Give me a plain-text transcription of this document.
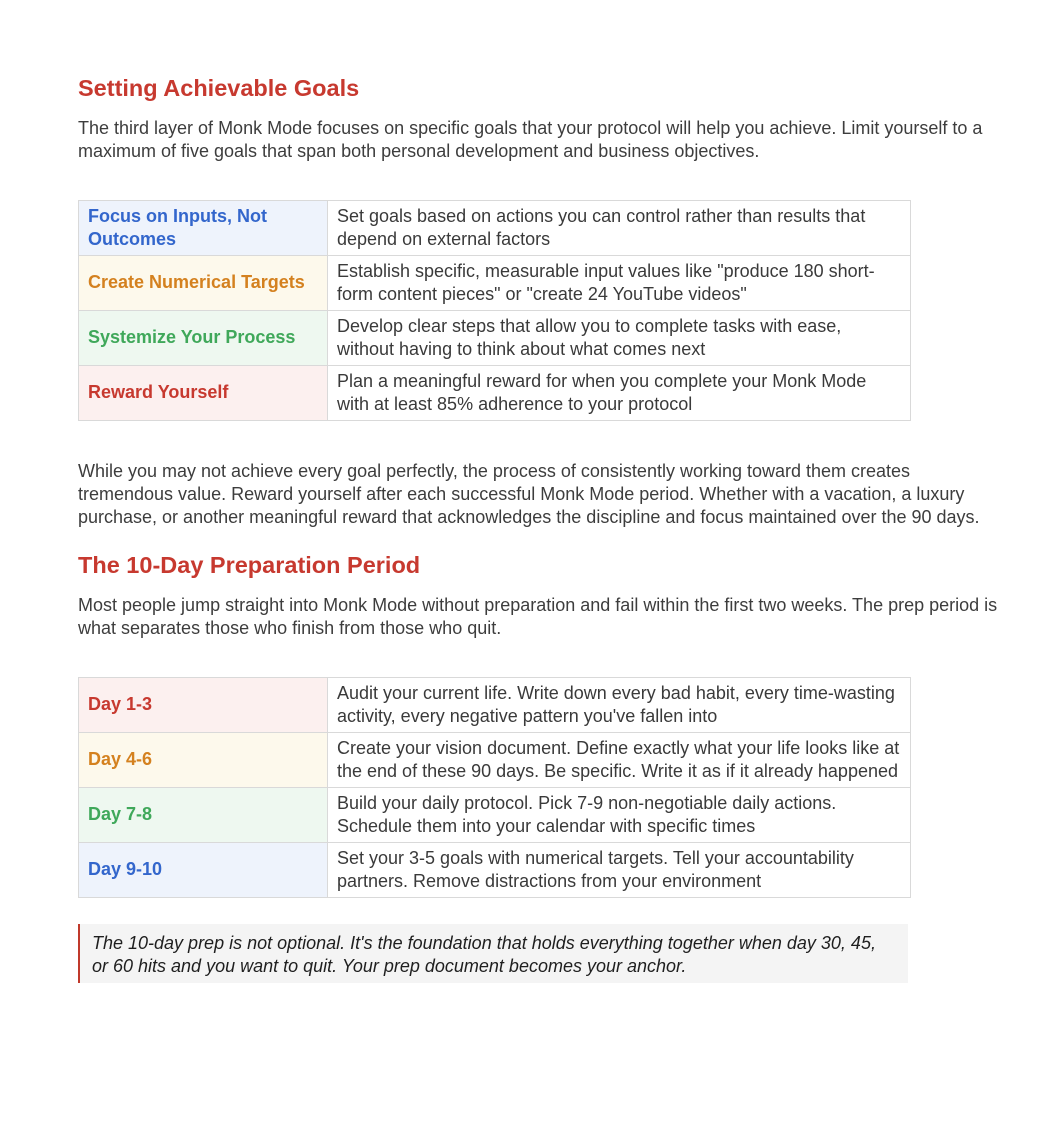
Setting Achievable Goals

The third layer of Monk Mode focuses on specific goals that your protocol will help you achieve. Limit yourself to a maximum of five goals that span both personal development and business objectives.

Focus on Inputs, Not Outcomes	Set goals based on actions you can control rather than results that depend on external factors
Create Numerical Targets	Establish specific, measurable input values like "produce 180 short-form content pieces" or "create 24 YouTube videos"
Systemize Your Process	Develop clear steps that allow you to complete tasks with ease, without having to think about what comes next
Reward Yourself	Plan a meaningful reward for when you complete your Monk Mode with at least 85% adherence to your protocol

While you may not achieve every goal perfectly, the process of consistently working toward them creates tremendous value. Reward yourself after each successful Monk Mode period. Whether with a vacation, a luxury purchase, or another meaningful reward that acknowledges the discipline and focus maintained over the 90 days.

The 10-Day Preparation Period

Most people jump straight into Monk Mode without preparation and fail within the first two weeks. The prep period is what separates those who finish from those who quit.

Day 1-3	Audit your current life. Write down every bad habit, every time-wasting activity, every negative pattern you've fallen into
Day 4-6	Create your vision document. Define exactly what your life looks like at the end of these 90 days. Be specific. Write it as if it already happened
Day 7-8	Build your daily protocol. Pick 7-9 non-negotiable daily actions. Schedule them into your calendar with specific times
Day 9-10	Set your 3-5 goals with numerical targets. Tell your accountability partners. Remove distractions from your environment
The 10-day prep is not optional. It's the foundation that holds everything together when day 30, 45, or 60 hits and you want to quit. Your prep document becomes your anchor.
